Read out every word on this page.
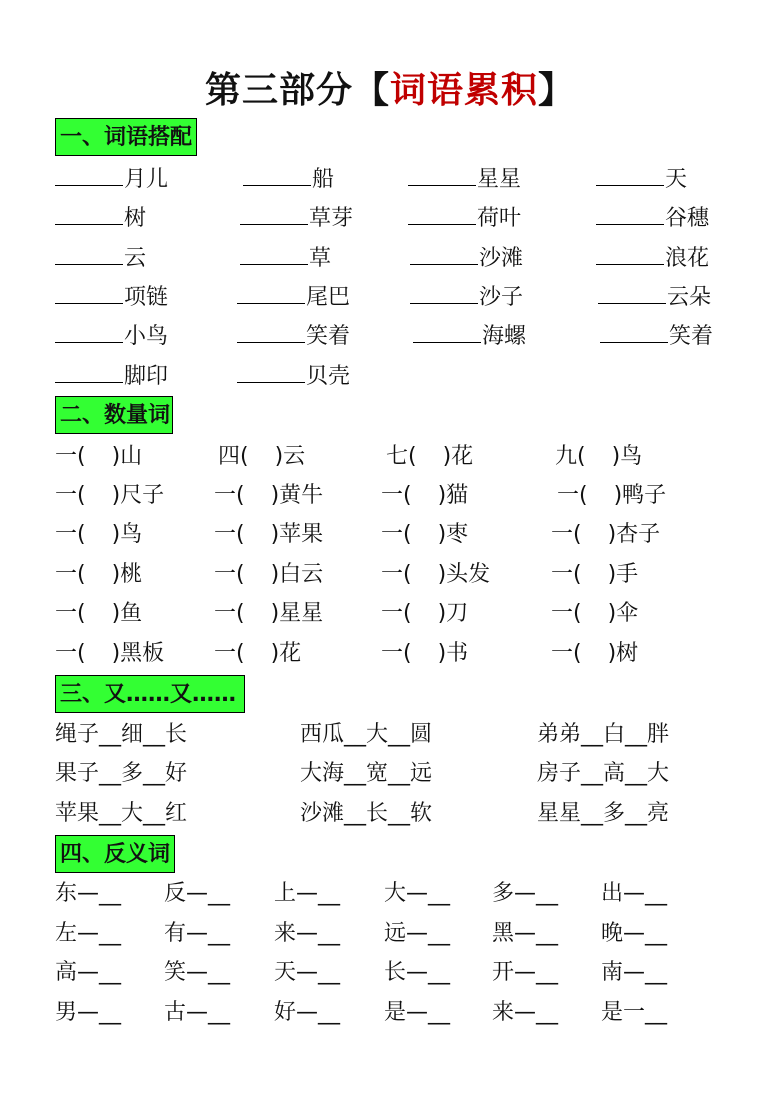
第三部分【词语累积】
一、词语搭配
月儿	船	星星	天
树	草芽	荷叶	谷穗
云	草	沙滩	浪花
项链	尾巴	沙子	云朵
小鸟	笑着	海螺	笑着
脚印	贝壳
二、数量词
一( )山	四( )云	七( )花	九( )鸟
一( )尺子 一( )黄牛	一( )猫	一( )鸭子
一( )鸟	一( )苹果	一( )枣	一( )杏子
一( )桃	一( )白云	一( )头发	一( )手
一( )鱼	一( )星星	一( )刀	一( )伞
一( )黑板 一( )花	一( )书	一( )树
三、又……又……
绳子__细__长	西瓜__大__圆	弟弟__白__胖
果子__多__好	大海__宽__远	房子__高__大
苹果__大__红	沙滩__长__软	星星__多__亮
四、反义词
东—__ 反—__ 上—__ 大—__ 多—__ 出—__
左—__ 有—__ 来—__ 远—__ 黑—__ 晚—__
高—__ 笑—__ 天—__ 长—__ 开—__ 南—__
男—__ 古—__ 好—__ 是—__ 来—__ 是一__
